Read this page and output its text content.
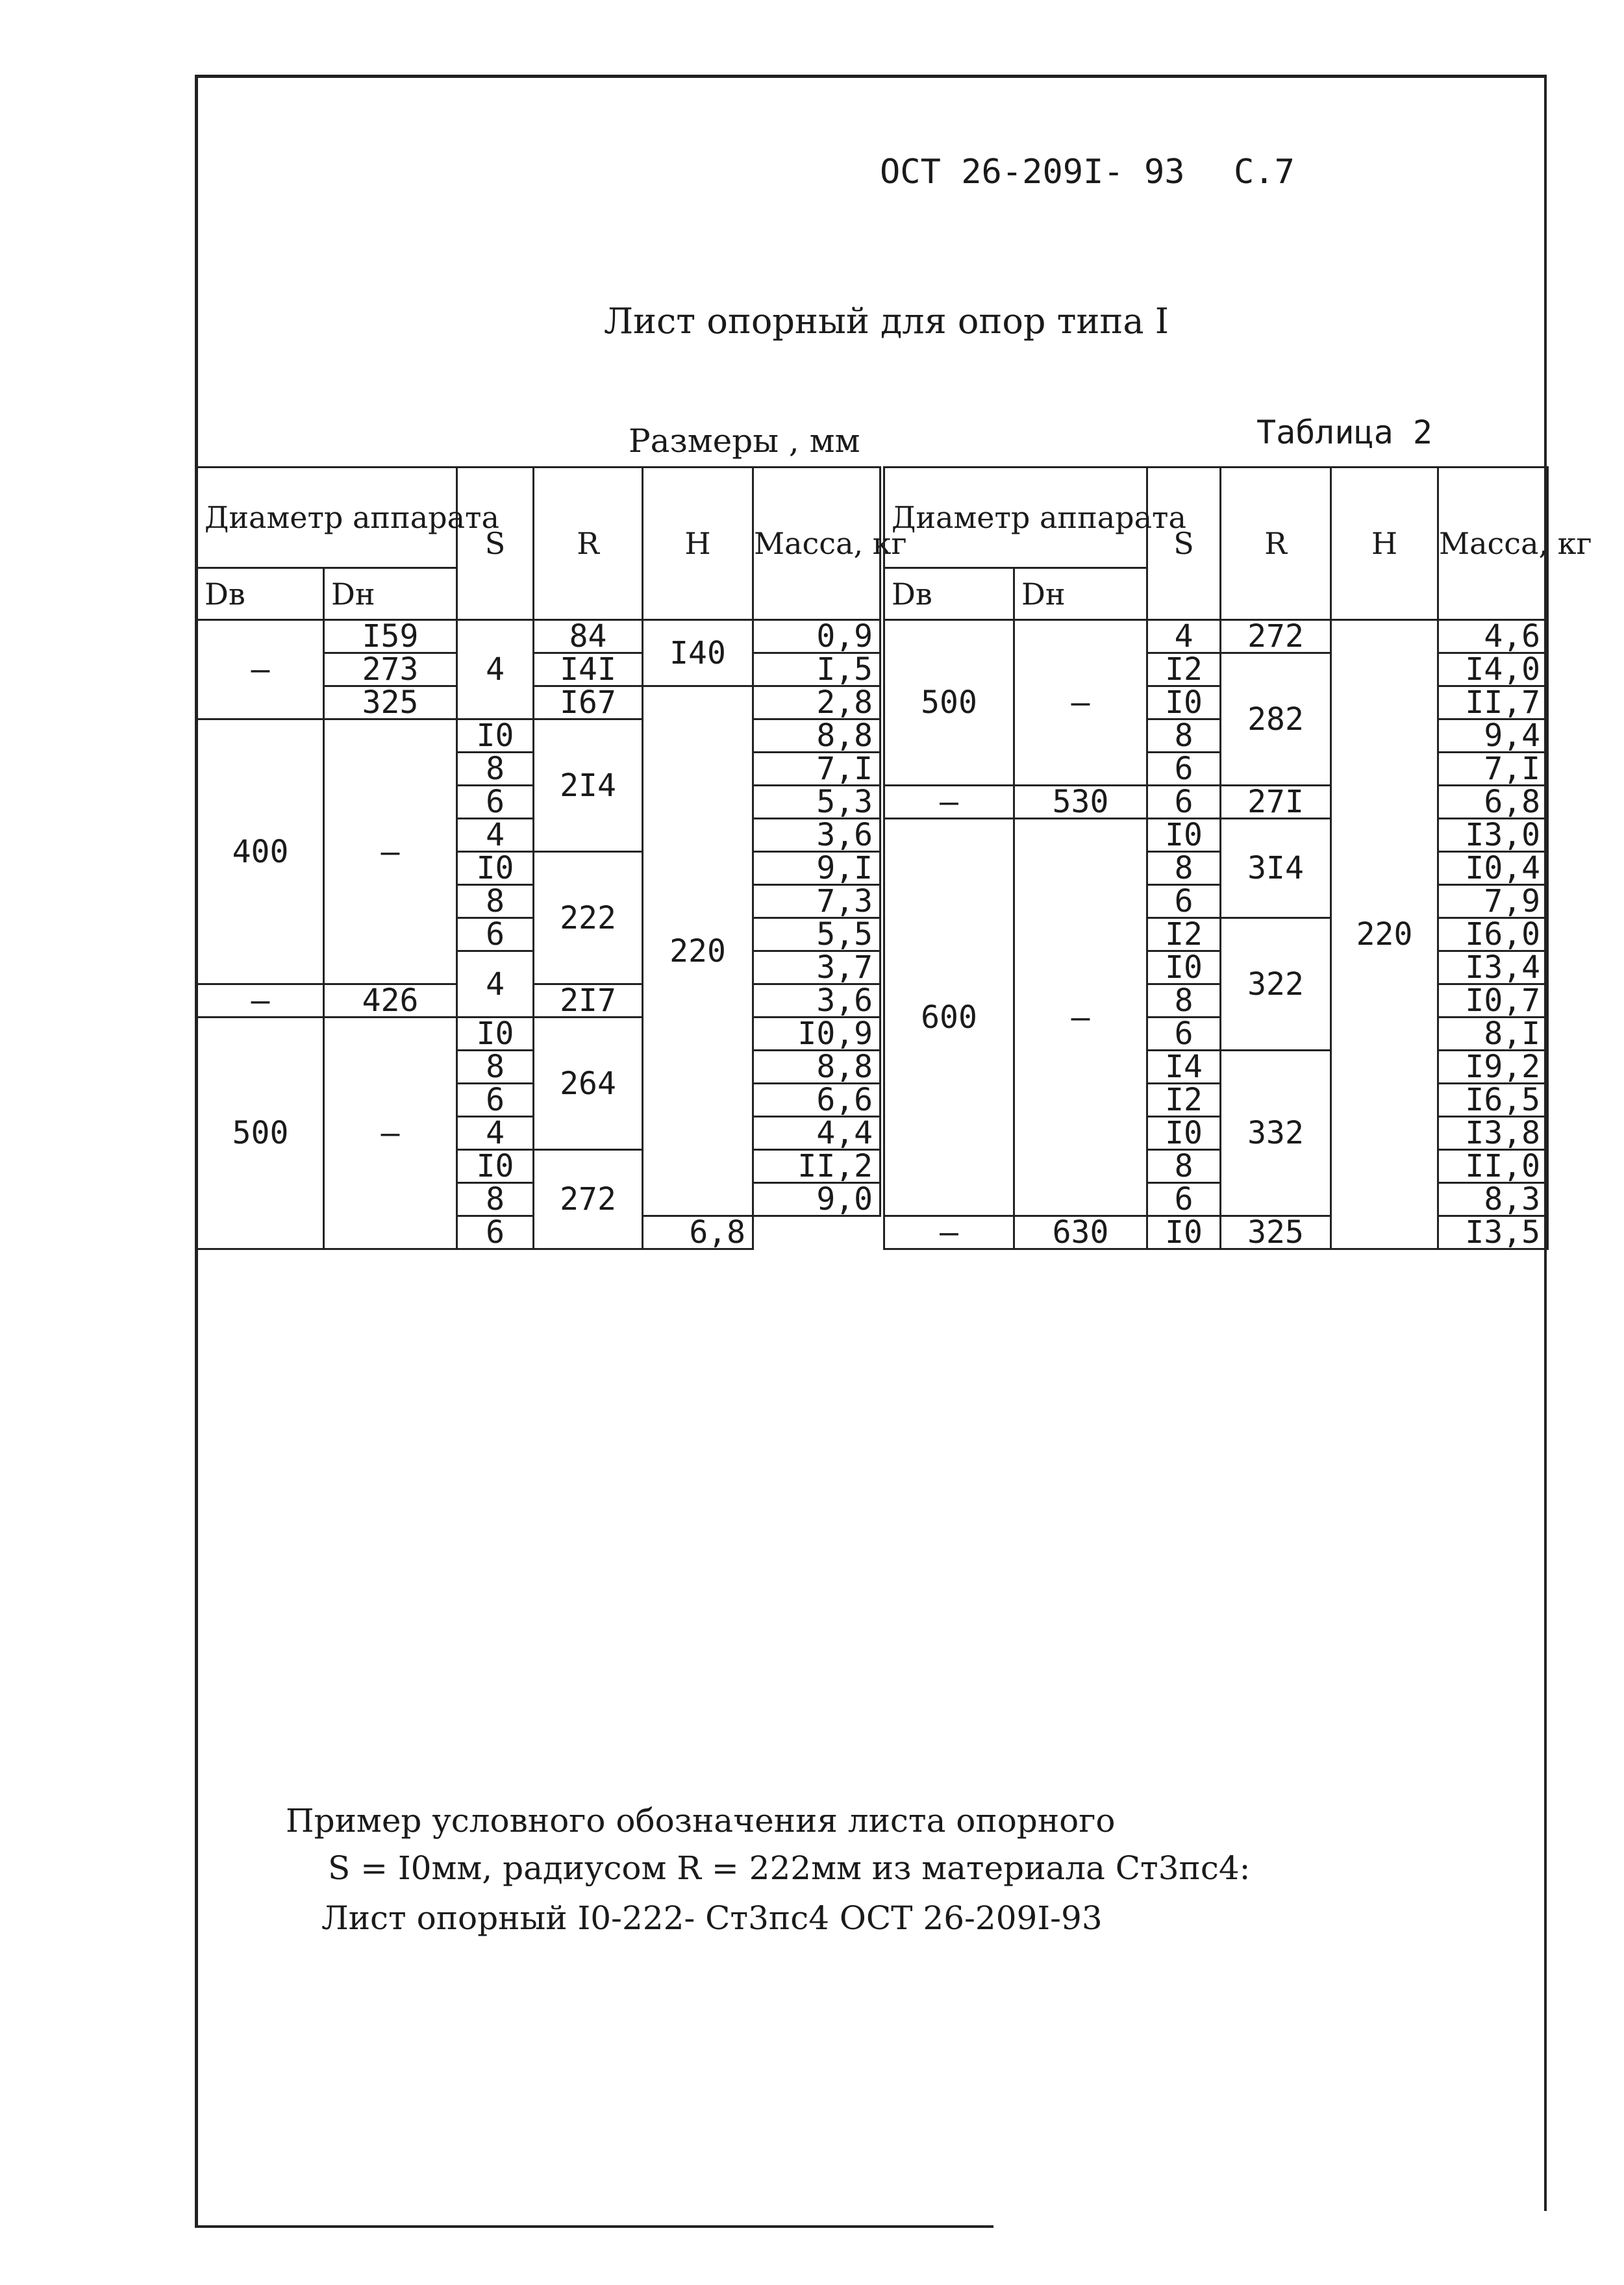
ОСТ 26-209I- 93 С.7
Лист опорный для опор типа I
Размеры , мм	Таблица 2
Диаметр аппарата		S	R	H	Масса, кг
Dв	Dн				
–	I59	4	84	I40	0,9
	273		I4I		I,5
	325		I67	220	2,8
400	–	I0	2I4		8,8
		8			7,I
		6			5,3
		4			3,6
		I0	222		9,I
		8			7,3
		6			5,5
		4			3,7
–	426		2I7		3,6
500	–	I0	264		I0,9
		8			8,8
		6			6,6
		4			4,4
		I0	272		II,2
		8			9,0
		6		6,8	
Диаметр аппарата		S	R	H	Масса, кг
Dв	Dн				
500	–	4	272	220	4,6
		I2	282		I4,0
		I0			II,7
		8			9,4
		6			7,I
–	530	6	27I		6,8
600	–	I0	3I4		I3,0
		8			I0,4
		6			7,9
		I2	322		I6,0
		I0			I3,4
		8			I0,7
		6			8,I
		I4	332		I9,2
		I2			I6,5
		I0			I3,8
		8			II,0
		6			8,3
–	630	I0	325		I3,5
Пример условного обозначения листа опорного
S = I0мм, радиусом R = 222мм из материала Ст3пс4:
Лист опорный I0-222- Ст3пс4 ОСТ 26-209I-93
